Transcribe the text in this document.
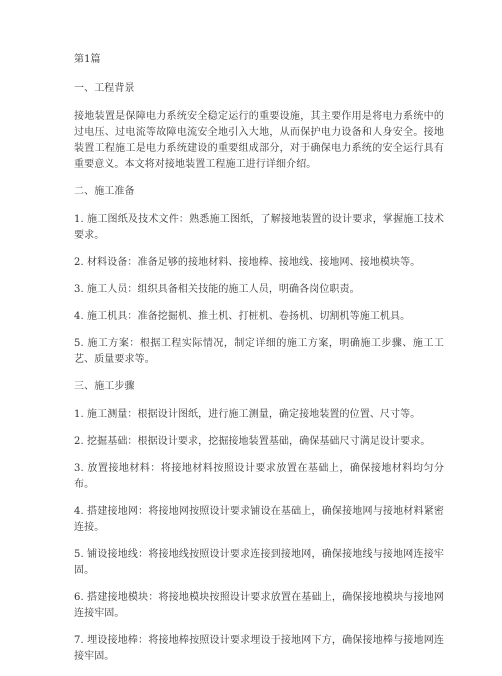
第1篇
一、工程背景
接地装置是保障电力系统安全稳定运行的重要设施，其主要作用是将电力系统中的过电压、过电流等故障电流安全地引入大地，从而保护电力设备和人身安全。接地装置工程施工是电力系统建设的重要组成部分，对于确保电力系统的安全运行具有重要意义。本文将对接地装置工程施工进行详细介绍。
二、施工准备
1. 施工图纸及技术文件：熟悉施工图纸，了解接地装置的设计要求，掌握施工技术要求。
2. 材料设备：准备足够的接地材料、接地棒、接地线、接地网、接地模块等。
3. 施工人员：组织具备相关技能的施工人员，明确各岗位职责。
4. 施工机具：准备挖掘机、推土机、打桩机、卷扬机、切割机等施工机具。
5. 施工方案：根据工程实际情况，制定详细的施工方案，明确施工步骤、施工工艺、质量要求等。
三、施工步骤
1. 施工测量：根据设计图纸，进行施工测量，确定接地装置的位置、尺寸等。
2. 挖掘基础：根据设计要求，挖掘接地装置基础，确保基础尺寸满足设计要求。
3. 放置接地材料：将接地材料按照设计要求放置在基础上，确保接地材料均匀分布。
4. 搭建接地网：将接地网按照设计要求铺设在基础上，确保接地网与接地材料紧密连接。
5. 铺设接地线：将接地线按照设计要求连接到接地网，确保接地线与接地网连接牢固。
6. 搭建接地模块：将接地模块按照设计要求放置在基础上，确保接地模块与接地网连接牢固。
7. 埋设接地棒：将接地棒按照设计要求埋设于接地网下方，确保接地棒与接地网连接牢固。
